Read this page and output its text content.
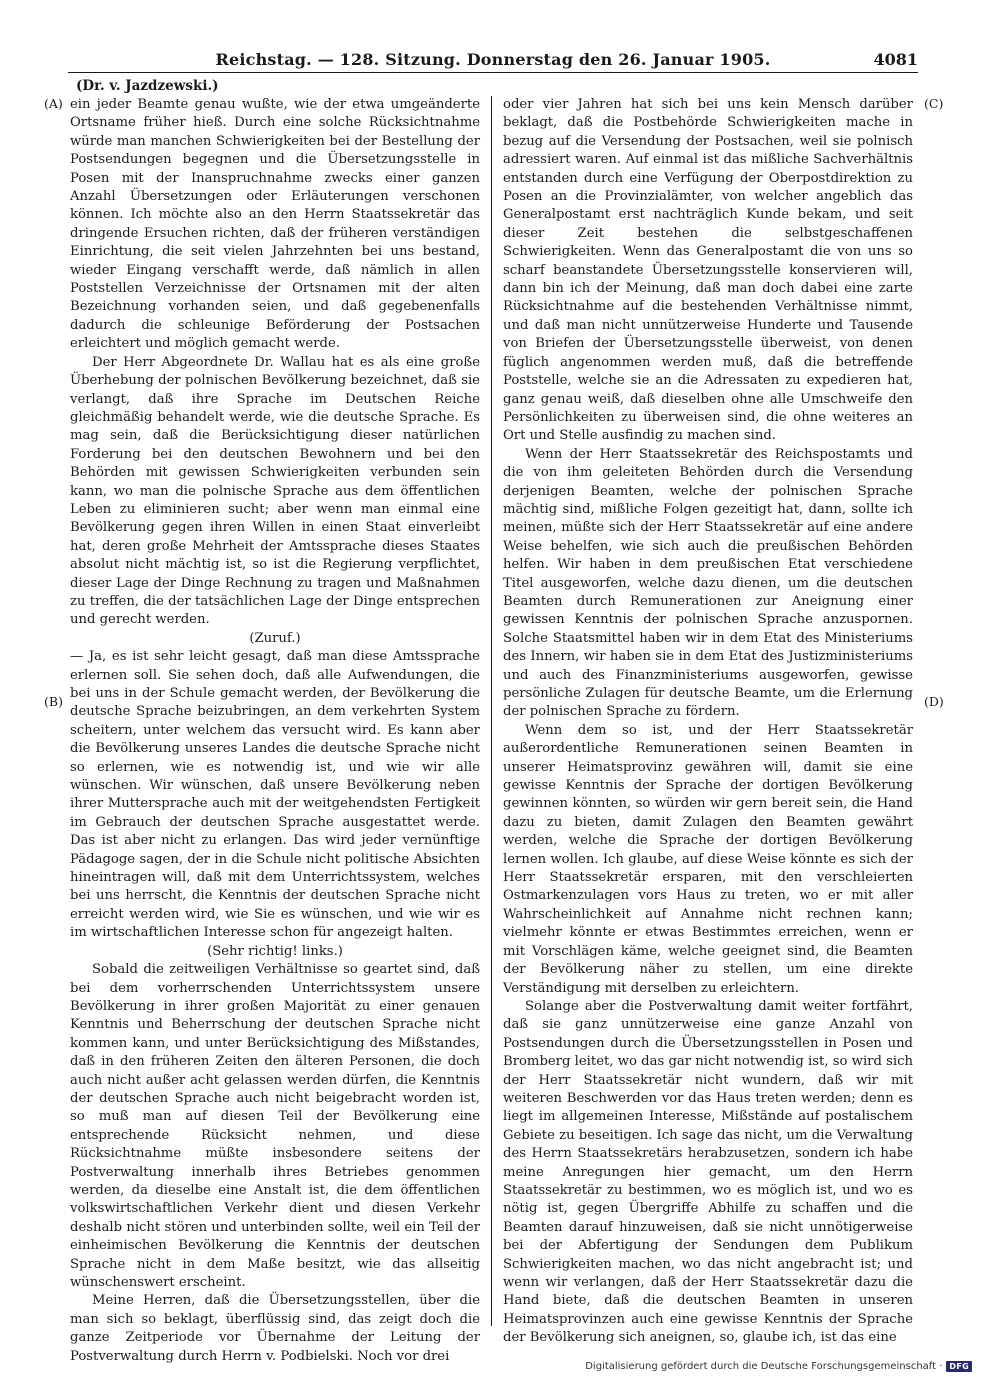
Reichstag. — 128. Sitzung. Donnerstag den 26. Januar 1905.	4081
(Dr. v. Jazdzewski.)
(A)
(B)
(C)
(D)

ein jeder Beamte genau wußte, wie der etwa umgeänderte Ortsname früher hieß. Durch eine solche Rücksichtnahme würde man manchen Schwierigkeiten bei der Bestellung der Postsendungen begegnen und die Übersetzungsstelle in Posen mit der Inanspruchnahme zwecks einer ganzen Anzahl Übersetzungen oder Erläuterungen verschonen können. Ich möchte also an den Herrn Staatssekretär das dringende Ersuchen richten, daß der früheren verständigen Einrichtung, die seit vielen Jahrzehnten bei uns bestand, wieder Eingang verschafft werde, daß nämlich in allen Poststellen Verzeichnisse der Ortsnamen mit der alten Bezeichnung vorhanden seien, und daß gegebenenfalls dadurch die schleunige Beförderung der Postsachen erleichtert und möglich gemacht werde.

Der Herr Abgeordnete Dr. Wallau hat es als eine große Überhebung der polnischen Bevölkerung bezeichnet, daß sie verlangt, daß ihre Sprache im Deutschen Reiche gleichmäßig behandelt werde, wie die deutsche Sprache. Es mag sein, daß die Berücksichtigung dieser natürlichen Forderung bei den deutschen Bewohnern und bei den Behörden mit gewissen Schwierigkeiten verbunden sein kann, wo man die polnische Sprache aus dem öffentlichen Leben zu eliminieren sucht; aber wenn man einmal eine Bevölkerung gegen ihren Willen in einen Staat einverleibt hat, deren große Mehrheit der Amtssprache dieses Staates absolut nicht mächtig ist, so ist die Regierung verpflichtet, dieser Lage der Dinge Rechnung zu tragen und Maßnahmen zu treffen, die der tatsächlichen Lage der Dinge entsprechen und gerecht werden.

(Zuruf.)

— Ja, es ist sehr leicht gesagt, daß man diese Amtssprache erlernen soll. Sie sehen doch, daß alle Aufwendungen, die bei uns in der Schule gemacht werden, der Bevölkerung die deutsche Sprache beizubringen, an dem verkehrten System scheitern, unter welchem das versucht wird. Es kann aber die Bevölkerung unseres Landes die deutsche Sprache nicht so erlernen, wie es notwendig ist, und wie wir alle wünschen. Wir wünschen, daß unsere Bevölkerung neben ihrer Muttersprache auch mit der weitgehendsten Fertigkeit im Gebrauch der deutschen Sprache ausgestattet werde. Das ist aber nicht zu erlangen. Das wird jeder vernünftige Pädagoge sagen, der in die Schule nicht politische Absichten hineintragen will, daß mit dem Unterrichtssystem, welches bei uns herrscht, die Kenntnis der deutschen Sprache nicht erreicht werden wird, wie Sie es wünschen, und wie wir es im wirtschaftlichen Interesse schon für angezeigt halten.

(Sehr richtig! links.)

Sobald die zeitweiligen Verhältnisse so geartet sind, daß bei dem vorherrschenden Unterrichtssystem unsere Bevölkerung in ihrer großen Majorität zu einer genauen Kenntnis und Beherrschung der deutschen Sprache nicht kommen kann, und unter Berücksichtigung des Mißstandes, daß in den früheren Zeiten den älteren Personen, die doch auch nicht außer acht gelassen werden dürfen, die Kenntnis der deutschen Sprache auch nicht beigebracht worden ist, so muß man auf diesen Teil der Bevölkerung eine entsprechende Rücksicht nehmen, und diese Rücksichtnahme müßte insbesondere seitens der Postverwaltung innerhalb ihres Betriebes genommen werden, da dieselbe eine Anstalt ist, die dem öffentlichen volkswirtschaftlichen Verkehr dient und diesen Verkehr deshalb nicht stören und unterbinden sollte, weil ein Teil der einheimischen Bevölkerung die Kenntnis der deutschen Sprache nicht in dem Maße besitzt, wie das allseitig wünschenswert erscheint.

Meine Herren, daß die Übersetzungsstellen, über die man sich so beklagt, überflüssig sind, das zeigt doch die ganze Zeitperiode vor Übernahme der Leitung der Postverwaltung durch Herrn v. Podbielski. Noch vor drei

oder vier Jahren hat sich bei uns kein Mensch darüber beklagt, daß die Postbehörde Schwierigkeiten mache in bezug auf die Versendung der Postsachen, weil sie polnisch adressiert waren. Auf einmal ist das mißliche Sachverhältnis entstanden durch eine Verfügung der Oberpostdirektion zu Posen an die Provinzialämter, von welcher angeblich das Generalpostamt erst nachträglich Kunde bekam, und seit dieser Zeit bestehen die selbstgeschaffenen Schwierigkeiten. Wenn das Generalpostamt die von uns so scharf beanstandete Übersetzungsstelle konservieren will, dann bin ich der Meinung, daß man doch dabei eine zarte Rücksichtnahme auf die bestehenden Verhältnisse nimmt, und daß man nicht unnützerweise Hunderte und Tausende von Briefen der Übersetzungsstelle überweist, von denen füglich angenommen werden muß, daß die betreffende Poststelle, welche sie an die Adressaten zu expedieren hat, ganz genau weiß, daß dieselben ohne alle Umschweife den Persönlichkeiten zu überweisen sind, die ohne weiteres an Ort und Stelle ausfindig zu machen sind.

Wenn der Herr Staatssekretär des Reichspostamts und die von ihm geleiteten Behörden durch die Versendung derjenigen Beamten, welche der polnischen Sprache mächtig sind, mißliche Folgen gezeitigt hat, dann, sollte ich meinen, müßte sich der Herr Staatssekretär auf eine andere Weise behelfen, wie sich auch die preußischen Behörden helfen. Wir haben in dem preußischen Etat verschiedene Titel ausgeworfen, welche dazu dienen, um die deutschen Beamten durch Remunerationen zur Aneignung einer gewissen Kenntnis der polnischen Sprache anzuspornen. Solche Staatsmittel haben wir in dem Etat des Ministeriums des Innern, wir haben sie in dem Etat des Justizministeriums und auch des Finanzministeriums ausgeworfen, gewisse persönliche Zulagen für deutsche Beamte, um die Erlernung der polnischen Sprache zu fördern.

Wenn dem so ist, und der Herr Staatssekretär außerordentliche Remunerationen seinen Beamten in unserer Heimatsprovinz gewähren will, damit sie eine gewisse Kenntnis der Sprache der dortigen Bevölkerung gewinnen könnten, so würden wir gern bereit sein, die Hand dazu zu bieten, damit Zulagen den Beamten gewährt werden, welche die Sprache der dortigen Bevölkerung lernen wollen. Ich glaube, auf diese Weise könnte es sich der Herr Staatssekretär ersparen, mit den verschleierten Ostmarkenzulagen vors Haus zu treten, wo er mit aller Wahrscheinlichkeit auf Annahme nicht rechnen kann; vielmehr könnte er etwas Bestimmtes erreichen, wenn er mit Vorschlägen käme, welche geeignet sind, die Beamten der Bevölkerung näher zu stellen, um eine direkte Verständigung mit derselben zu erleichtern.

Solange aber die Postverwaltung damit weiter fortfährt, daß sie ganz unnützerweise eine ganze Anzahl von Postsendungen durch die Übersetzungsstellen in Posen und Bromberg leitet, wo das gar nicht notwendig ist, so wird sich der Herr Staatssekretär nicht wundern, daß wir mit weiteren Beschwerden vor das Haus treten werden; denn es liegt im allgemeinen Interesse, Mißstände auf postalischem Gebiete zu beseitigen. Ich sage das nicht, um die Verwaltung des Herrn Staatssekretärs herabzusetzen, sondern ich habe meine Anregungen hier gemacht, um den Herrn Staatssekretär zu bestimmen, wo es möglich ist, und wo es nötig ist, gegen Übergriffe Abhilfe zu schaffen und die Beamten darauf hinzuweisen, daß sie nicht unnötigerweise bei der Abfertigung der Sendungen dem Publikum Schwierigkeiten machen, wo das nicht angebracht ist; und wenn wir verlangen, daß der Herr Staatssekretär dazu die Hand biete, daß die deutschen Beamten in unseren Heimatsprovinzen auch eine gewisse Kenntnis der Sprache der Bevölkerung sich aneignen, so, glaube ich, ist das eine

Digitalisierung gefördert durch die Deutsche Forschungsgemeinschaft · DFG
